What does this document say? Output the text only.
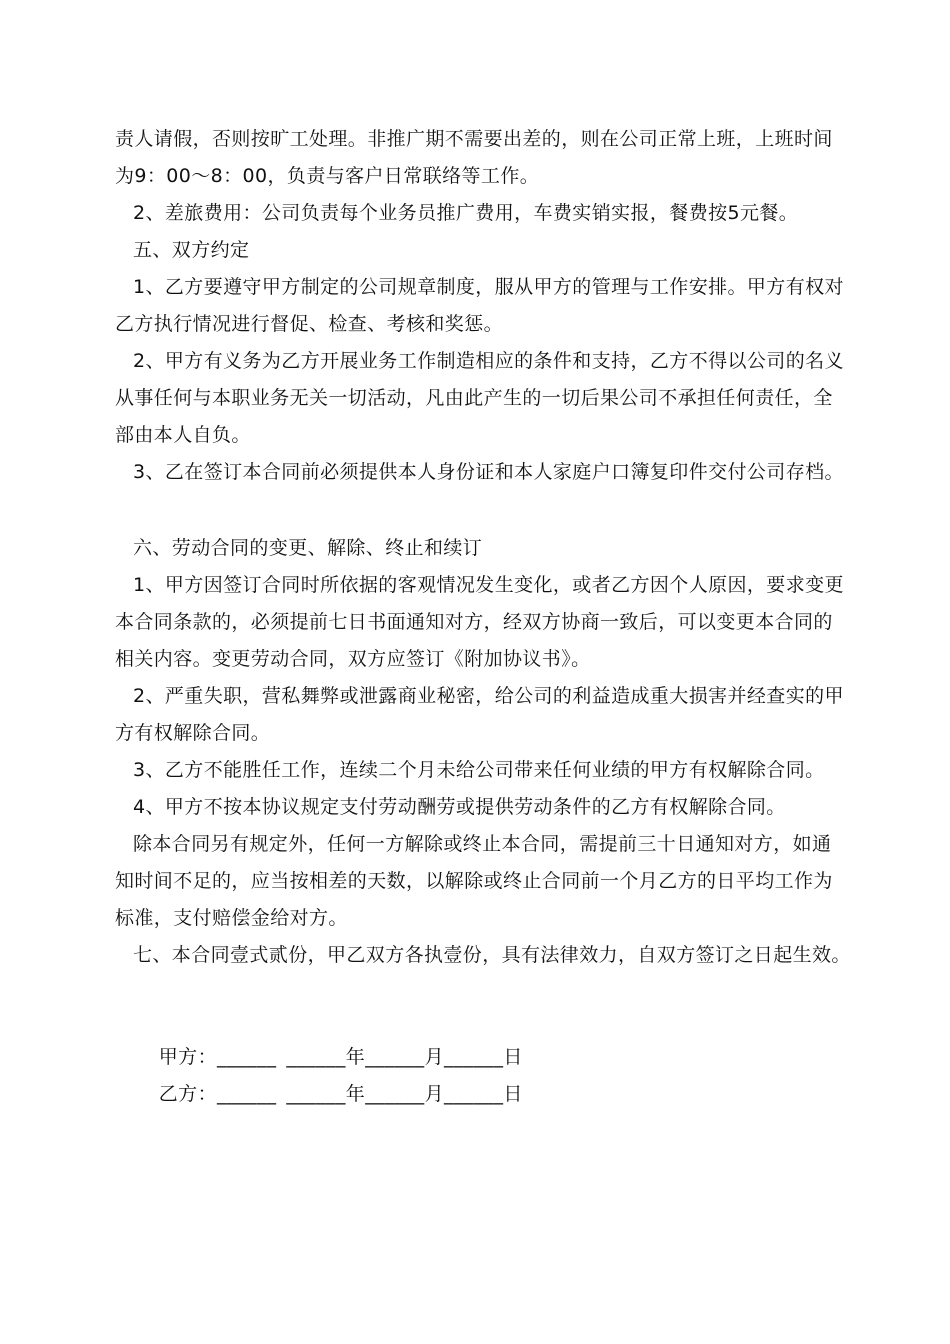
责人请假，否则按旷工处理。非推广期不需要出差的，则在公司正常上班，上班时间
为9：00～8：00，负责与客户日常联络等工作。
2、差旅费用：公司负责每个业务员推广费用，车费实销实报，餐费按5元餐。
五、双方约定
1、乙方要遵守甲方制定的公司规章制度，服从甲方的管理与工作安排。甲方有权对
乙方执行情况进行督促、检查、考核和奖惩。
2、甲方有义务为乙方开展业务工作制造相应的条件和支持，乙方不得以公司的名义
从事任何与本职业务无关一切活动，凡由此产生的一切后果公司不承担任何责任，全
部由本人自负。
3、乙在签订本合同前必须提供本人身份证和本人家庭户口簿复印件交付公司存档。
六、劳动合同的变更、解除、终止和续订
1、甲方因签订合同时所依据的客观情况发生变化，或者乙方因个人原因，要求变更
本合同条款的，必须提前七日书面通知对方，经双方协商一致后，可以变更本合同的
相关内容。变更劳动合同，双方应签订《附加协议书》。
2、严重失职，营私舞弊或泄露商业秘密，给公司的利益造成重大损害并经查实的甲
方有权解除合同。
3、乙方不能胜任工作，连续二个月未给公司带来任何业绩的甲方有权解除合同。
4、甲方不按本协议规定支付劳动酬劳或提供劳动条件的乙方有权解除合同。
除本合同另有规定外，任何一方解除或终止本合同，需提前三十日通知对方，如通
知时间不足的，应当按相差的天数，以解除或终止合同前一个月乙方的日平均工作为
标准，支付赔偿金给对方。
七、本合同壹式贰份，甲乙双方各执壹份，具有法律效力，自双方签订之日起生效。

甲方：______ ______年______月______日

乙方：______ ______年______月______日
